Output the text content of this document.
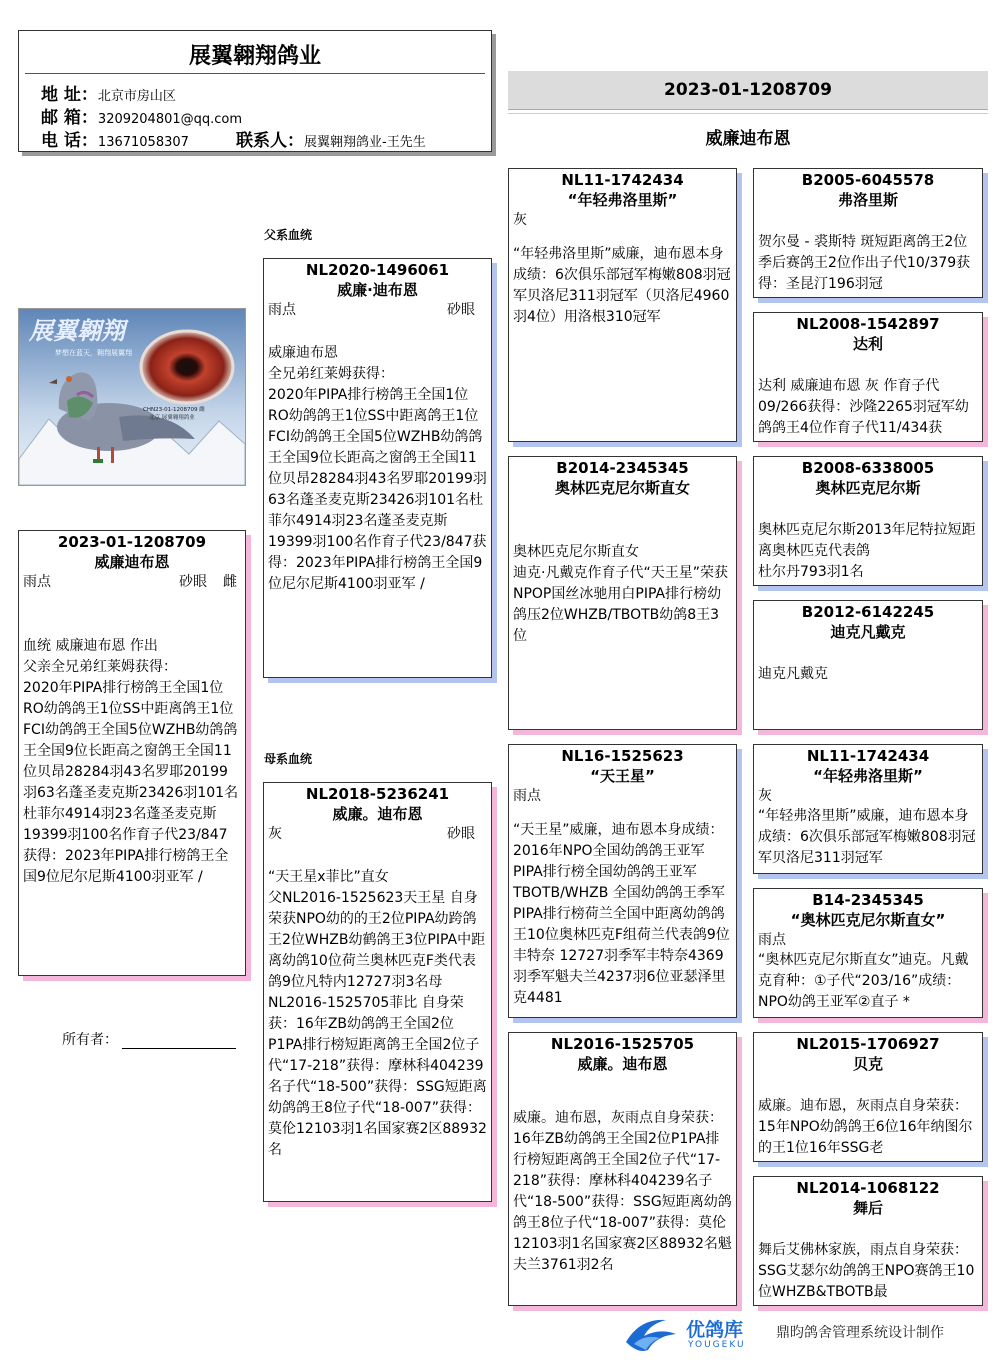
展翼翱翔鸽业
地 址：北京市房山区
邮 箱：3209204801@qq.com
电 话：13671058307	联系人：展翼翱翔鸽业-王先生
2023-01-1208709
威廉迪布恩
父系血统
母系血统
展翼翱翔
梦想在蓝天，翱翔展翼翔
CHN23-01-1208709 雌
北京 展翼翱翔鸽业
2023-01-1208709
威廉迪布恩
雨点	砂眼 雌
血统 威廉迪布恩 作出
父亲全兄弟红莱姆获得：
2020年PIPA排行榜鸽王全国1位RO幼鸽鸽王1位SS中距离鸽王1位FCI幼鸽鸽王全国5位WZHB幼鸽鸽王全国9位长距高之窗鸽王全国11位贝昂28284羽43名罗耶20199羽63名蓬圣麦克斯23426羽101名杜菲尔4914羽23名蓬圣麦克斯19399羽100名作育子代23/847获得：2023年PIPA排行榜鸽王全国9位尼尔尼斯4100羽亚军 /
所有者：
NL2020-1496061
威廉·迪布恩
雨点	砂眼
威廉迪布恩
全兄弟红莱姆获得：
2020年PIPA排行榜鸽王全国1位RO幼鸽鸽王1位SS中距离鸽王1位FCI幼鸽鸽王全国5位WZHB幼鸽鸽王全国9位长距高之窗鸽王全国11位贝昂28284羽43名罗耶20199羽63名蓬圣麦克斯23426羽101名杜菲尔4914羽23名蓬圣麦克斯19399羽100名作育子代23/847获得：2023年PIPA排行榜鸽王全国9位尼尔尼斯4100羽亚军 /
NL2018-5236241
威廉。迪布恩
灰	砂眼
“天王星x菲比”直女
父NL2016-1525623天王星 自身荣获NPO幼的的王2位PIPA幼跨鸽王2位WHZB幼鹤鸽王3位PIPA中距离幼鸽10位荷兰奥林匹克F类代表鸽9位凡特内12727羽3名母NL2016-1525705菲比 自身荣获：16年ZB幼鸽鸽王全国2位P1PA排行榜短距离鸽王全国2位子代“17-218”获得：摩林科404239名子代“18-500”获得：SSG短距离幼鸽鸽王8位子代“18-007”获得：莫伦12103羽1名国家赛2区88932名
NL11-1742434
“年轻弗洛里斯”
灰
“年轻弗洛里斯”威廉，迪布恩本身成绩：6次俱乐部冠军梅嫩808羽冠军贝洛尼311羽冠军（贝洛尼4960羽4位）用洛根310冠军
B2014-2345345
奥林匹克尼尔斯直女
奥林匹克尼尔斯直女
迪克·凡戴克作育子代“天王星”荣获
NPOP国丝冰驰用白PIPA排行榜幼鸽压2位WHZB/TBOTB幼鸽8王3位
NL16-1525623
“天王星”
雨点
“天王星”威廉，迪布恩本身成绩：2016年NPO全国幼鸽鸽王亚军PIPA排行榜全国幼鸽鸽王亚军TBOTB/WHZB 全国幼鸽鸽王季军PIPA排行榜荷兰全国中距离幼鸽鸽王10位奥林匹克F组荷兰代表鸽9位丰特奈 12727羽季军丰特奈4369羽季军魁夫兰4237羽6位亚瑟泽里克4481
NL2016-1525705
威廉。迪布恩
威廉。迪布恩，灰雨点自身荣获：16年ZB幼鸽鸽王全国2位P1PA排行榜短距离鸽王全国2位子代“17-218”获得：摩林科404239名子代“18-500”获得：SSG短距离幼鸽鸽王8位子代“18-007”获得：莫伦12103羽1名国家赛2区88932名魁夫兰3761羽2名
B2005-6045578
弗洛里斯
贺尔曼 - 裘斯特 斑短距离鸽王2位季后赛鸽王2位作出子代10/379获得：圣昆汀196羽冠
NL2008-1542897
达利
达利 威廉迪布恩 灰 作育子代09/266获得：沙隆2265羽冠军幼鸽鸽王4位作育子代11/434获
B2008-6338005
奥林匹克尼尔斯
奥林匹克尼尔斯2013年尼特拉短距离奥林匹克代表鸽
杜尔丹793羽1名
B2012-6142245
迪克凡戴克
迪克凡戴克
NL11-1742434
“年轻弗洛里斯”
灰
“年轻弗洛里斯”威廉，迪布恩本身成绩：6次俱乐部冠军梅嫩808羽冠军贝洛尼311羽冠军
B14-2345345
“奥林匹克尼尔斯直女”
雨点
“奥林匹克尼尔斯直女”迪克。凡戴克育种：①子代“203/16”成绩：NPO幼鸽王亚军②直子 *
NL2015-1706927
贝克
威廉。迪布恩，灰雨点自身荣获：15年NPO幼鸽鸽王6位16年纳图尔的王1位16年SSG老
NL2014-1068122
舞后
舞后艾佛林家族，雨点自身荣获：SSG艾瑟尔幼鸽鸽王NPO赛鸽王10位WHZB&TBOTB最
优鸽库
YOUGEKU
鼎昀鸽舍管理系统设计制作
